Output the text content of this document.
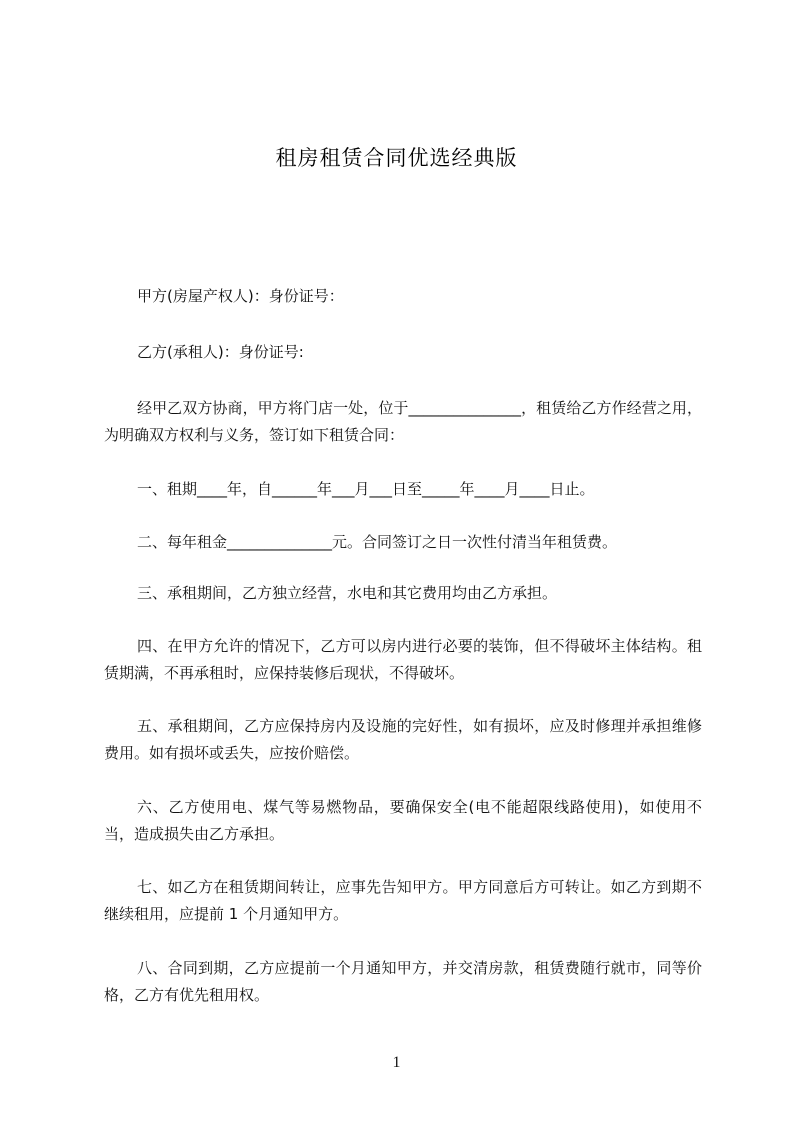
租房租赁合同优选经典版

甲方(房屋产权人)：身份证号：

乙方(承租人)：身份证号:

经甲乙双方协商，甲方将门店一处，位于_______________，租赁给乙方作经营之用，为明确双方权利与义务，签订如下租赁合同：

一、租期____年，自______年___月___日至_____年____月____日止。

二、每年租金______________元。合同签订之日一次性付清当年租赁费。

三、承租期间，乙方独立经营，水电和其它费用均由乙方承担。

四、在甲方允许的情况下，乙方可以房内进行必要的装饰，但不得破坏主体结构。租赁期满，不再承租时，应保持装修后现状，不得破坏。

五、承租期间，乙方应保持房内及设施的完好性，如有损坏，应及时修理并承担维修费用。如有损坏或丢失，应按价赔偿。

六、乙方使用电、煤气等易燃物品，要确保安全(电不能超限线路使用)，如使用不当，造成损失由乙方承担。

七、如乙方在租赁期间转让，应事先告知甲方。甲方同意后方可转让。如乙方到期不继续租用，应提前 1 个月通知甲方。

八、合同到期，乙方应提前一个月通知甲方，并交清房款，租赁费随行就市，同等价格，乙方有优先租用权。

1
